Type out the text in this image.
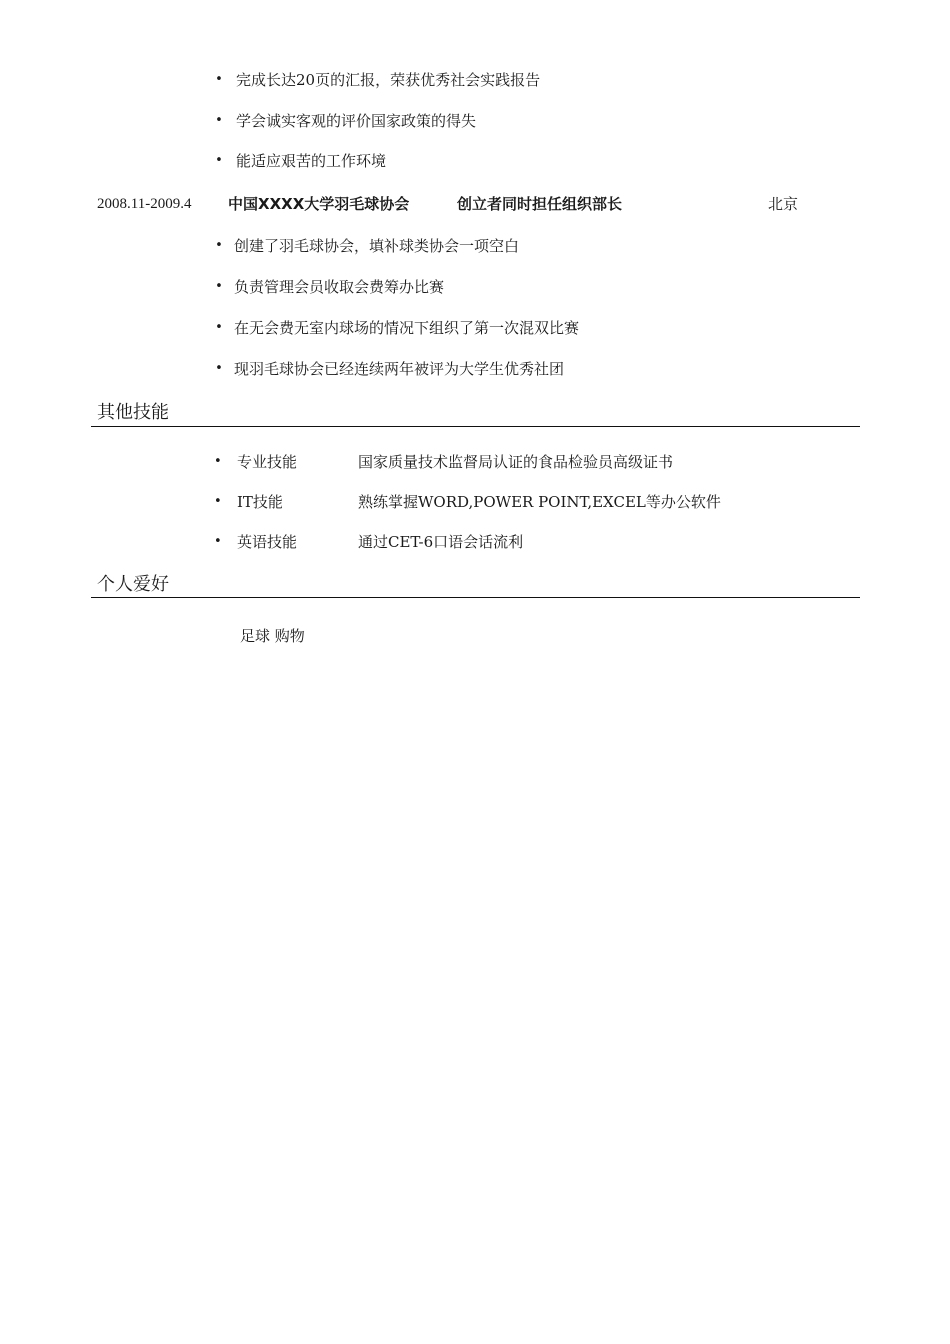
• 完成长达20页的汇报，荣获优秀社会实践报告
• 学会诚实客观的评价国家政策的得失
• 能适应艰苦的工作环境
2008.11-2009.4 中国XXXX大学羽毛球协会	创立者同时担任组织部长	北京
• 创建了羽毛球协会，填补球类协会一项空白
• 负责管理会员收取会费筹办比赛
• 在无会费无室内球场的情况下组织了第一次混双比赛
• 现羽毛球协会已经连续两年被评为大学生优秀社团
其他技能
• 专业技能	国家质量技术监督局认证的食品检验员高级证书
• IT技能	熟练掌握WORD,POWER POINT,EXCEL等办公软件
• 英语技能	通过CET-6口语会话流利
个人爱好
足球 购物
